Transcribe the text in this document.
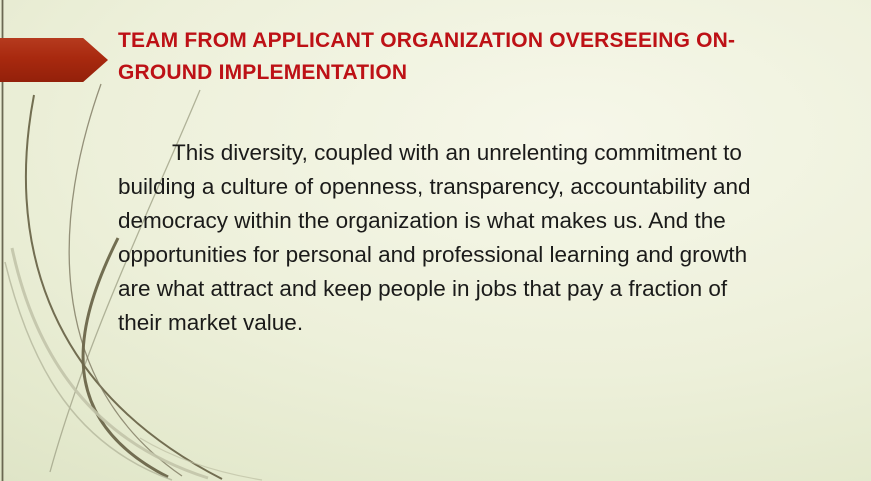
TEAM FROM APPLICANT ORGANIZATION OVERSEEING ON-
GROUND IMPLEMENTATION
This diversity, coupled with an unrelenting commitment to
building a culture of openness, transparency, accountability and
democracy within the organization is what makes us. And the
opportunities for personal and professional learning and growth
are what attract and keep people in jobs that pay a fraction of
their market value.
